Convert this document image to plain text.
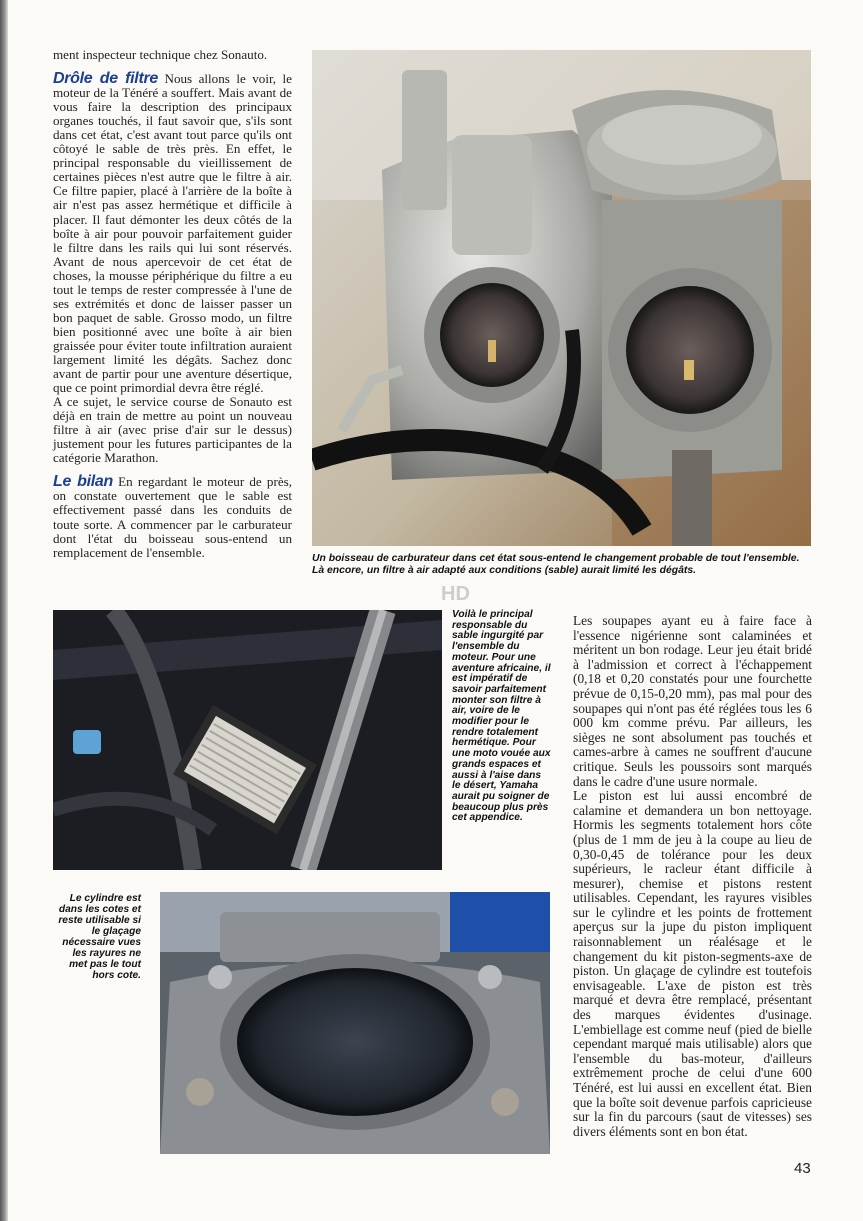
ment inspecteur technique chez Sonauto.

Drôle de filtre Nous allons le voir, le moteur de la Ténéré a souffert. Mais avant de vous faire la description des principaux organes touchés, il faut savoir que, s'ils sont dans cet état, c'est avant tout parce qu'ils ont côtoyé le sable de très près. En effet, le principal responsable du vieillissement de certaines pièces n'est autre que le filtre à air. Ce filtre papier, placé à l'arrière de la boîte à air n'est pas assez hermétique et difficile à placer. Il faut démonter les deux côtés de la boîte à air pour pouvoir parfaitement guider le filtre dans les rails qui lui sont réservés. Avant de nous apercevoir de cet état de choses, la mousse périphérique du filtre a eu tout le temps de rester compressée à l'une de ses extrémités et donc de laisser passer un bon paquet de sable. Grosso modo, un filtre bien positionné avec une boîte à air bien graissée pour éviter toute infiltration auraient largement limité les dégâts. Sachez donc avant de partir pour une aventure désertique, que ce point primordial devra être réglé.

A ce sujet, le service course de Sonauto est déjà en train de mettre au point un nouveau filtre à air (avec prise d'air sur le dessus) justement pour les futures participantes de la catégorie Marathon.

Le bilan En regardant le moteur de près, on constate ouvertement que le sable est effectivement passé dans les conduits de toute sorte. A commencer par le carburateur dont l'état du boisseau sous-entend un remplacement de l'ensemble.	Un boisseau de carburateur dans cet état sous-entend le changement probable de tout l'ensemble. Là encore, un filtre à air adapté aux conditions (sable) aurait limité les dégâts.
Voilà le principal responsable du sable ingurgité par l'ensemble du moteur. Pour une aventure africaine, il est impératif de savoir parfaitement monter son filtre à air, voire de le modifier pour le rendre totalement hermétique. Pour une moto vouée aux grands espaces et aussi à l'aise dans le désert, Yamaha aurait pu soigner de beaucoup plus près cet appendice.
Le cylindre est dans les cotes et reste utilisable si le glaçage nécessaire vues les rayures ne met pas le tout hors cote.

Les soupapes ayant eu à faire face à l'essence nigérienne sont calaminées et méritent un bon rodage. Leur jeu était bridé à l'admission et correct à l'échappement (0,18 et 0,20 constatés pour une fourchette prévue de 0,15-0,20 mm), pas mal pour des soupapes qui n'ont pas été réglées tous les 6 000 km comme prévu. Par ailleurs, les sièges ne sont absolument pas touchés et cames-arbre à cames ne souffrent d'aucune critique. Seuls les poussoirs sont marqués dans le cadre d'une usure normale.

Le piston est lui aussi encombré de calamine et demandera un bon nettoyage. Hormis les segments totalement hors côte (plus de 1 mm de jeu à la coupe au lieu de 0,30-0,45 de tolérance pour les deux supérieurs, le racleur étant difficile à mesurer), chemise et pistons restent utilisables. Cependant, les rayures visibles sur le cylindre et les points de frottement aperçus sur la jupe du piston impliquent raisonnablement un réalésage et le changement du kit piston-segments-axe de piston. Un glaçage de cylindre est toutefois envisageable. L'axe de piston est très marqué et devra être remplacé, présentant des marques évidentes d'usinage. L'embiellage est comme neuf (pied de bielle cependant marqué mais utilisable) alors que l'ensemble du bas-moteur, d'ailleurs extrêmement proche de celui d'une 600 Ténéré, est lui aussi en excellent état. Bien que la boîte soit devenue parfois capricieuse sur la fin du parcours (saut de vitesses) ses divers éléments sont en bon état.

HD
43
